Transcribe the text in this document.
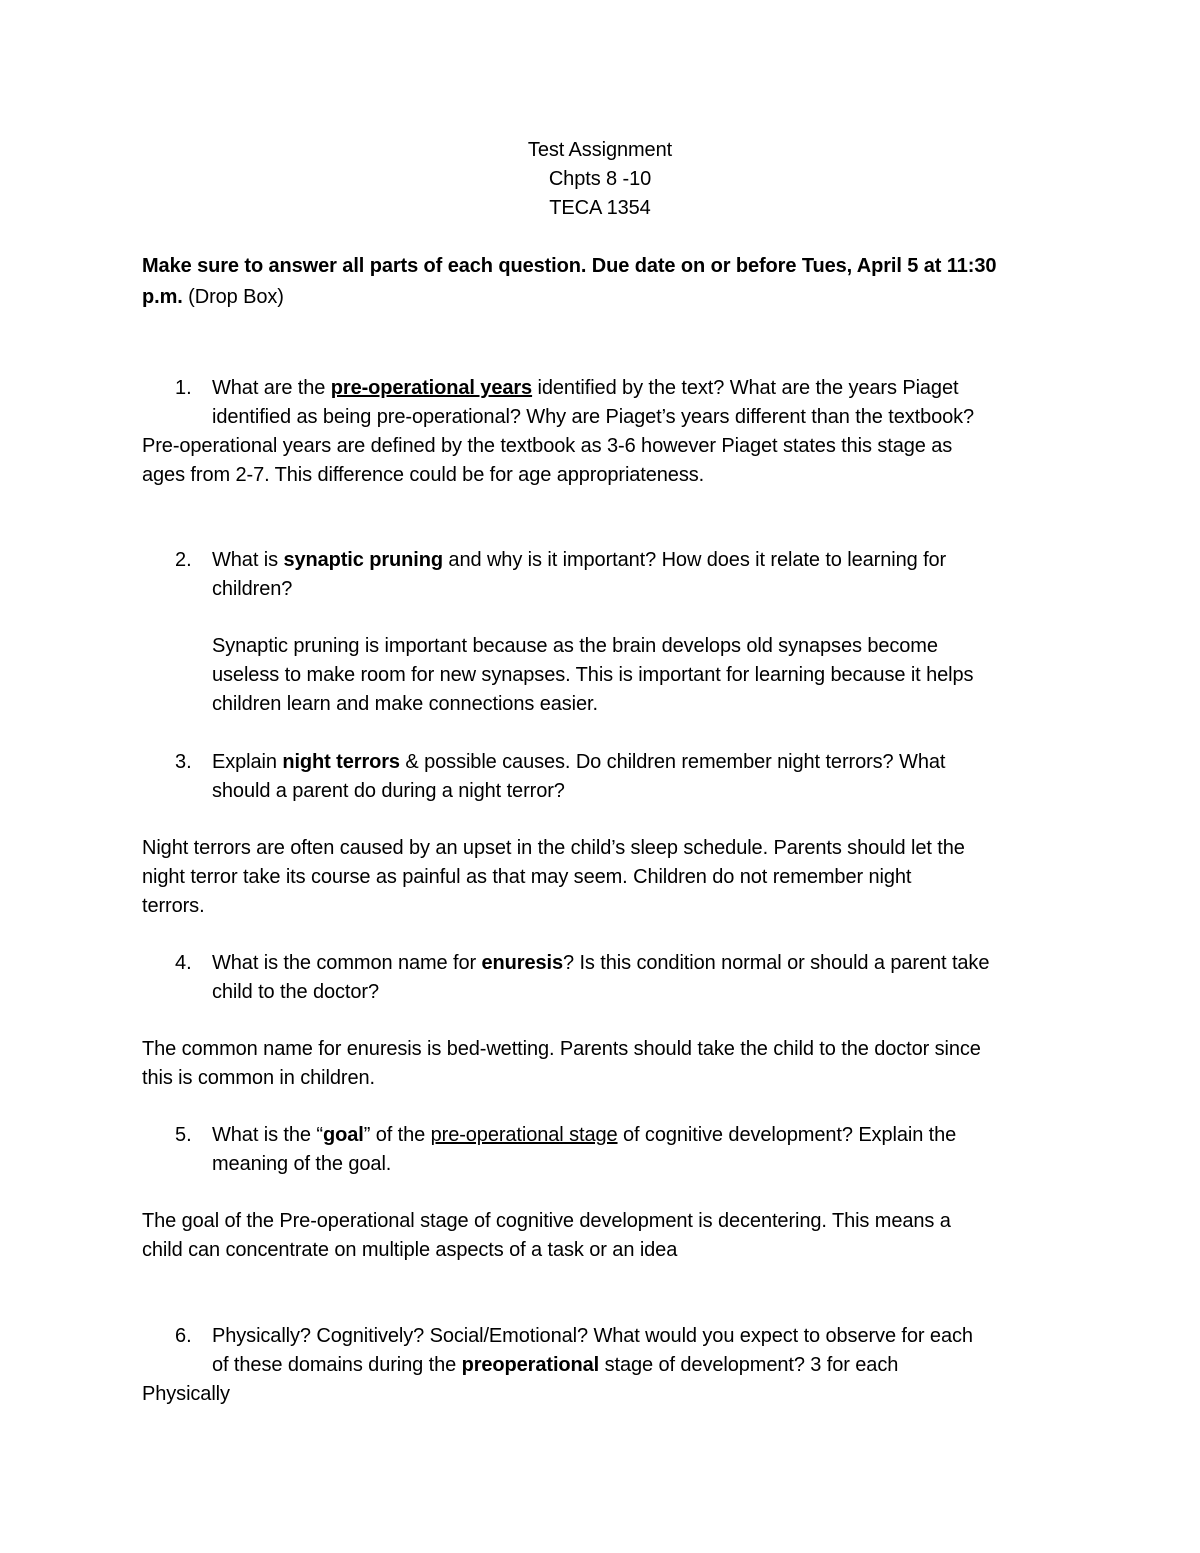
Test Assignment
Chpts 8 -10
TECA 1354
Make sure to answer all parts of each question. Due date on or before Tues, April 5 at 11:30
p.m. (Drop Box)
1. What are the pre-operational years identified by the text? What are the years Piaget
identified as being pre-operational? Why are Piaget’s years different than the textbook?
Pre-operational years are defined by the textbook as 3-6 however Piaget states this stage as
ages from 2-7. This difference could be for age appropriateness.
2. What is synaptic pruning and why is it important? How does it relate to learning for
children?
Synaptic pruning is important because as the brain develops old synapses become
useless to make room for new synapses. This is important for learning because it helps
children learn and make connections easier.
3. Explain night terrors & possible causes. Do children remember night terrors? What
should a parent do during a night terror?
Night terrors are often caused by an upset in the child’s sleep schedule. Parents should let the
night terror take its course as painful as that may seem. Children do not remember night
terrors.
4. What is the common name for enuresis? Is this condition normal or should a parent take
child to the doctor?
The common name for enuresis is bed-wetting. Parents should take the child to the doctor since
this is common in children.
5. What is the “goal” of the pre-operational stage of cognitive development? Explain the
meaning of the goal.
The goal of the Pre-operational stage of cognitive development is decentering. This means a
child can concentrate on multiple aspects of a task or an idea
6. Physically? Cognitively? Social/Emotional? What would you expect to observe for each
of these domains during the preoperational stage of development? 3 for each
Physically
